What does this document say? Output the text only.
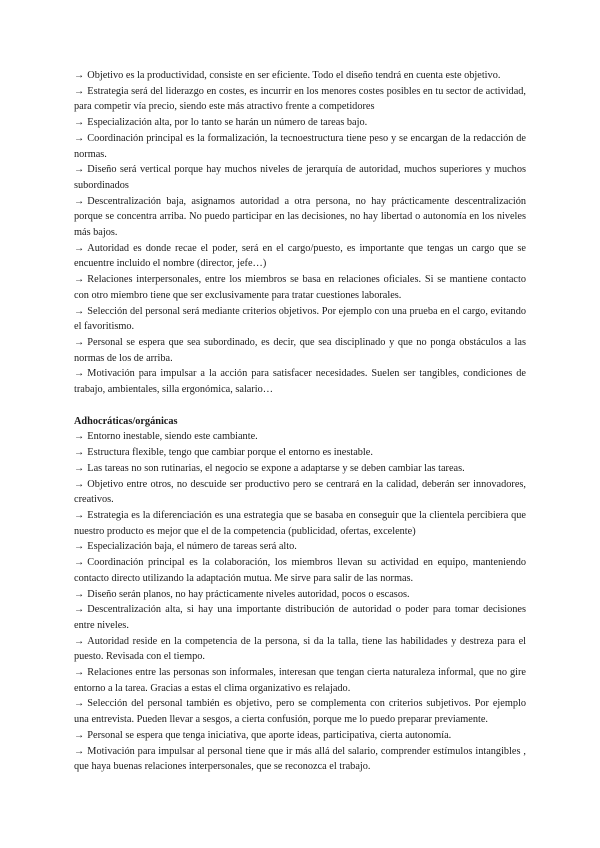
→ Objetivo es la productividad, consiste en ser eficiente. Todo el diseño tendrá en cuenta este objetivo.

→ Estrategia será del liderazgo en costes, es incurrir en los menores costes posibles en tu sector de actividad, para competir vía precio, siendo este más atractivo frente a competidores

→ Especialización alta, por lo tanto se harán un número de tareas bajo.

→ Coordinación principal es la formalización, la tecnoestructura tiene peso y se encargan de la redacción de normas.

→ Diseño será vertical porque hay muchos niveles de jerarquía de autoridad, muchos superiores y muchos subordinados

→ Descentralización baja, asignamos autoridad a otra persona, no hay prácticamente descentralización porque se concentra arriba. No puedo participar en las decisiones, no hay libertad o autonomía en los niveles más bajos.

→ Autoridad es donde recae el poder, será en el cargo/puesto, es importante que tengas un cargo que se encuentre incluido el nombre (director, jefe…)

→ Relaciones interpersonales, entre los miembros se basa en relaciones oficiales. Si se mantiene contacto con otro miembro tiene que ser exclusivamente para tratar cuestiones laborales.

→ Selección del personal será mediante criterios objetivos. Por ejemplo con una prueba en el cargo, evitando el favoritismo.

→ Personal se espera que sea subordinado, es decir, que sea disciplinado y que no ponga obstáculos a las normas de los de arriba.

→ Motivación para impulsar a la acción para satisfacer necesidades. Suelen ser tangibles, condiciones de trabajo, ambientales, silla ergonómica, salario…

Adhocráticas/orgánicas

→ Entorno inestable, siendo este cambiante.

→ Estructura flexible, tengo que cambiar porque el entorno es inestable.

→ Las tareas no son rutinarias, el negocio se expone a adaptarse y se deben cambiar las tareas.

→ Objetivo entre otros, no descuide ser productivo pero se centrará en la calidad, deberán ser innovadores, creativos.

→ Estrategia es la diferenciación es una estrategia que se basaba en conseguir que la clientela percibiera que nuestro producto es mejor que el de la competencia (publicidad, ofertas, excelente)

→ Especialización baja, el número de tareas será alto.

→ Coordinación principal es la colaboración, los miembros llevan su actividad en equipo, manteniendo contacto directo utilizando la adaptación mutua. Me sirve para salir de las normas.

→ Diseño serán planos, no hay prácticamente niveles autoridad, pocos o escasos.

→ Descentralización alta, si hay una importante distribución de autoridad o poder para tomar decisiones entre niveles.

→ Autoridad reside en la competencia de la persona, si da la talla, tiene las habilidades y destreza para el puesto. Revisada con el tiempo.

→ Relaciones entre las personas son informales, interesan que tengan cierta naturaleza informal, que no gire entorno a la tarea. Gracias a estas el clima organizativo es relajado.

→ Selección del personal también es objetivo, pero se complementa con criterios subjetivos. Por ejemplo una entrevista. Pueden llevar a sesgos, a cierta confusión, porque me lo puedo preparar previamente.

→ Personal se espera que tenga iniciativa, que aporte ideas, participativa, cierta autonomía.

→ Motivación para impulsar al personal tiene que ir más allá del salario, comprender estímulos intangibles , que haya buenas relaciones interpersonales, que se reconozca el trabajo.
